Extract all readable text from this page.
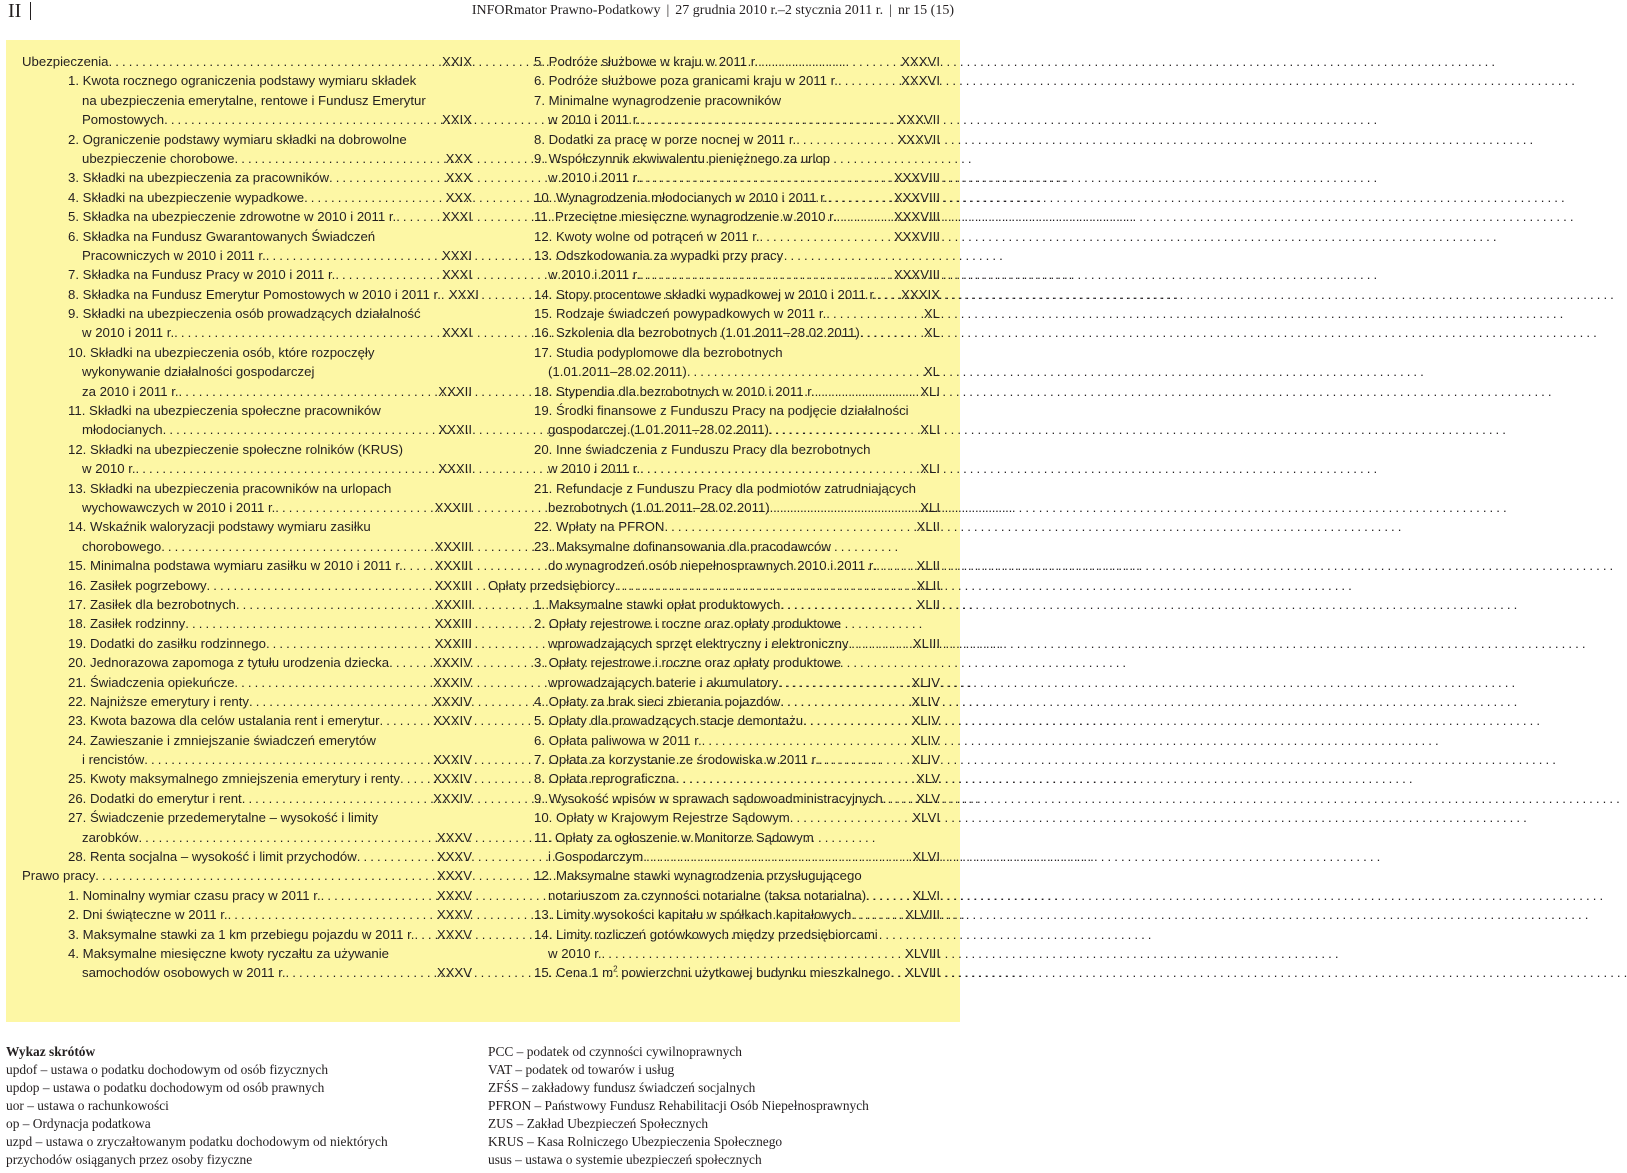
II	INFORmator Prawno-Podatkowy | 27 grudnia 2010 r.–2 stycznia 2011 r. | nr 15 (15)
Ubezpieczenia . . .	XXIX
1. Kwota rocznego ograniczenia podstawy wymiaru składek
na ubezpieczenia emerytalne, rentowe i Fundusz Emerytur
Pomostowych . . .	XXIX
2. Ograniczenie podstawy wymiaru składki na dobrowolne
ubezpieczenie chorobowe . . .	XXX
3. Składki na ubezpieczenia za pracowników . . .	XXX
4. Składki na ubezpieczenie wypadkowe . . .	XXX
5. Składka na ubezpieczenie zdrowotne w 2010 i 2011 r. . . .	XXXI
6. Składka na Fundusz Gwarantowanych Świadczeń
Pracowniczych w 2010 i 2011 r. . . .	XXXI
7. Składka na Fundusz Pracy w 2010 i 2011 r. . . .	XXXI
8. Składka na Fundusz Emerytur Pomostowych w 2010 i 2011 r. . . . XXXI
9. Składki na ubezpieczenia osób prowadzących działalność
w 2010 i 2011 r. . . .	XXXI
10. Składki na ubezpieczenia osób, które rozpoczęły
wykonywanie działalności gospodarczej
za 2010 i 2011 r. . . .	XXXII
11. Składki na ubezpieczenia społeczne pracowników
młodocianych . . .	XXXII
12. Składki na ubezpieczenie społeczne rolników (KRUS)
w 2010 r. . . .	XXXII
13. Składki na ubezpieczenia pracowników na urlopach
wychowawczych w 2010 i 2011 r. . . .	XXXIII
14. Wskaźnik waloryzacji podstawy wymiaru zasiłku
chorobowego . . .	XXXIII
15. Minimalna podstawa wymiaru zasiłku w 2010 i 2011 r. . . . XXXIII
16. Zasiłek pogrzebowy . . .	XXXIII
17. Zasiłek dla bezrobotnych . . .	XXXIII
18. Zasiłek rodzinny . . .	XXXIII
19. Dodatki do zasiłku rodzinnego . . .	XXXIII
20. Jednorazowa zapomoga z tytułu urodzenia dziecka . . .	XXXIV
21. Świadczenia opiekuńcze . . .	XXXIV
22. Najniższe emerytury i renty . . .	XXXIV
23. Kwota bazowa dla celów ustalania rent i emerytur . . .	XXXIV
24. Zawieszanie i zmniejszanie świadczeń emerytów
i rencistów . . .	XXXIV
25. Kwoty maksymalnego zmniejszenia emerytury i renty . . .	XXXIV
26. Dodatki do emerytur i rent . . .	XXXIV
27. Świadczenie przedemerytalne – wysokość i limity
zarobków . . .	XXXV
28. Renta socjalna – wysokość i limit przychodów . . .	XXXV
Prawo pracy . . .	XXXV
1. Nominalny wymiar czasu pracy w 2011 r. . . .	XXXV
2. Dni świąteczne w 2011 r. . . .	XXXV
3. Maksymalne stawki za 1 km przebiegu pojazdu w 2011 r. . . . XXXV
4. Maksymalne miesięczne kwoty ryczałtu za używanie
samochodów osobowych w 2011 r. . . .	XXXV
5. Podróże służbowe w kraju w 2011 r. . . .	XXXVI
6. Podróże służbowe poza granicami kraju w 2011 r. . . .	XXXVI
7. Minimalne wynagrodzenie pracowników
w 2010 i 2011 r. . . .	XXXVII
8. Dodatki za pracę w porze nocnej w 2011 r. . . .	XXXVII
9. Współczynnik ekwiwalentu pieniężnego za urlop
w 2010 i 2011 r. . . .	XXXVIII
10. Wynagrodzenia młodocianych w 2010 i 2011 r. . . .	XXXVIII
11. Przeciętne miesięczne wynagrodzenie w 2010 r. . . .	XXXVIII
12. Kwoty wolne od potrąceń w 2011 r. . . .	XXXVIII
13. Odszkodowania za wypadki przy pracy
w 2010 i 2011 r. . . .	XXXVIII
14. Stopy procentowe składki wypadkowej w 2010 i 2011 r. . . . XXXIX
15. Rodzaje świadczeń powypadkowych w 2011 r. . . .	XL
16. Szkolenia dla bezrobotnych (1.01.2011–28.02.2011) . . .	XL
17. Studia podyplomowe dla bezrobotnych
(1.01.2011–28.02.2011) . . .	XL
18. Stypendia dla bezrobotnych w 2010 i 2011 r. . . .	XLI
19. Środki finansowe z Funduszu Pracy na podjęcie działalności
gospodarczej (1.01.2011–28.02.2011) . . .	XLI
20. Inne świadczenia z Funduszu Pracy dla bezrobotnych
w 2010 i 2011 r. . . .	XLI
21. Refundacje z Funduszu Pracy dla podmiotów zatrudniających
bezrobotnych (1.01.2011–28.02.2011) . . .	XLI
22. Wpłaty na PFRON . . .	XLII
23. Maksymalne dofinansowania dla pracodawców
do wynagrodzeń osób niepełnosprawnych 2010 i 2011 r. . . .	XLII
Opłaty przedsiębiorcy . . .	XLII
1. Maksymalne stawki opłat produktowych . . .	XLII
2. Opłaty rejestrowe i roczne oraz opłaty produktowe
wprowadzających sprzęt elektryczny i elektroniczny . . .	XLIII
3. Opłaty rejestrowe i roczne oraz opłaty produktowe
wprowadzających baterie i akumulatory . . .	XLIV
4. Opłaty za brak sieci zbierania pojazdów . . .	XLIV
5. Opłaty dla prowadzących stacje demontażu . . .	XLIV
6. Opłata paliwowa w 2011 r. . . .	XLIV
7. Opłata za korzystanie ze środowiska w 2011 r. . . .	XLIV
8. Opłata reprograficzna . . .	XLV
9. Wysokość wpisów w sprawach sądowoadministracyjnych . . .	XLV
10. Opłaty w Krajowym Rejestrze Sądowym . . .	XLVI
11. Opłaty za ogłoszenie w Monitorze Sądowym
i Gospodarczym . . .	XLVI
12. Maksymalne stawki wynagrodzenia przysługującego
notariuszom za czynności notarialne (taksa notarialna) . . .	XLVI
13. Limity wysokości kapitału w spółkach kapitałowych . . .	XLVIII
14. Limity rozliczeń gotówkowych między przedsiębiorcami
w 2010 r. . . .	XLVIII
15. Cena 1 $m^2$ powierzchni użytkowej budynku mieszkalnego . . . XLVIII
Wykaz skrótów
updof – ustawa o podatku dochodowym od osób fizycznych
updop – ustawa o podatku dochodowym od osób prawnych
uor – ustawa o rachunkowości
op – Ordynacja podatkowa
uzpd – ustawa o zryczałtowanym podatku dochodowym od niektórych
przychodów osiąganych przez osoby fizyczne
PCC – podatek od czynności cywilnoprawnych
VAT – podatek od towarów i usług
ZFŚS – zakładowy fundusz świadczeń socjalnych
PFRON – Państwowy Fundusz Rehabilitacji Osób Niepełnosprawnych
ZUS – Zakład Ubezpieczeń Społecznych
KRUS – Kasa Rolniczego Ubezpieczenia Społecznego
usus – ustawa o systemie ubezpieczeń społecznych
